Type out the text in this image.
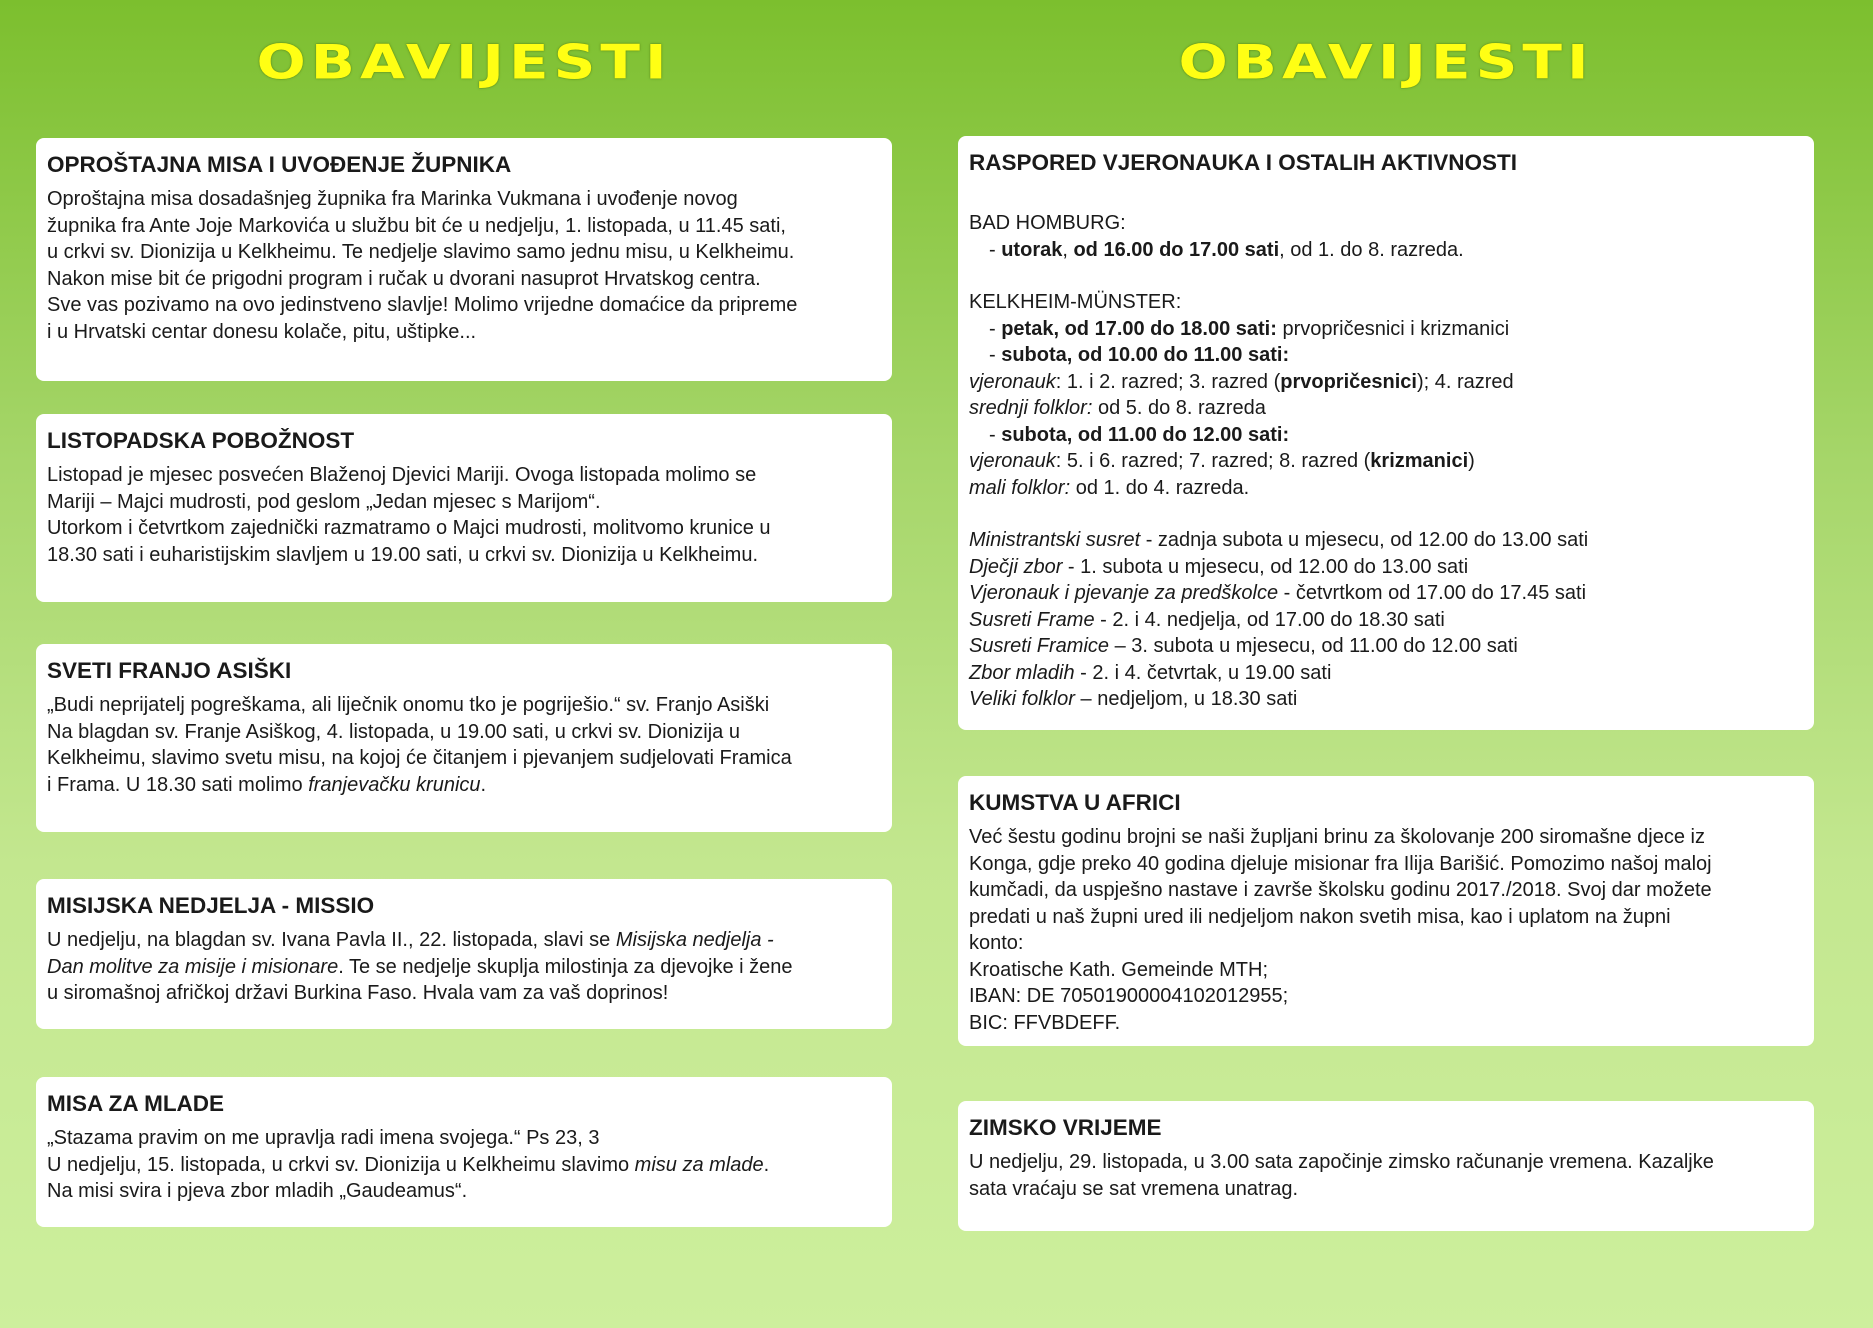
OBAVIJESTI	OBAVIJESTI
OPROŠTAJNA MISA I UVOĐENJE ŽUPNIKA

Oproštajna misa dosadašnjeg župnika fra Marinka Vukmana i uvođenje novog

župnika fra Ante Joje Markovića u službu bit će u nedjelju, 1. listopada, u 11.45 sati,

u crkvi sv. Dionizija u Kelkheimu. Te nedjelje slavimo samo jednu misu, u Kelkheimu.

Nakon mise bit će prigodni program i ručak u dvorani nasuprot Hrvatskog centra.

Sve vas pozivamo na ovo jedinstveno slavlje! Molimo vrijedne domaćice da pripreme

i u Hrvatski centar donesu kolače, pitu, uštipke...

LISTOPADSKA POBOŽNOST

Listopad je mjesec posvećen Blaženoj Djevici Mariji. Ovoga listopada molimo se

Mariji – Majci mudrosti, pod geslom „Jedan mjesec s Marijom“.

Utorkom i četvrtkom zajednički razmatramo o Majci mudrosti, molitvomo krunice u

18.30 sati i euharistijskim slavljem u 19.00 sati, u crkvi sv. Dionizija u Kelkheimu.

SVETI FRANJO ASIŠKI

„Budi neprijatelj pogreškama, ali liječnik onomu tko je pogriješio.“ sv. Franjo Asiški

Na blagdan sv. Franje Asiškog, 4. listopada, u 19.00 sati, u crkvi sv. Dionizija u

Kelkheimu, slavimo svetu misu, na kojoj će čitanjem i pjevanjem sudjelovati Framica

i Frama. U 18.30 sati molimo franjevačku krunicu.

MISIJSKA NEDJELJA - MISSIO

U nedjelju, na blagdan sv. Ivana Pavla II., 22. listopada, slavi se Misijska nedjelja -

Dan molitve za misije i misionare. Te se nedjelje skuplja milostinja za djevojke i žene

u siromašnoj afričkoj državi Burkina Faso. Hvala vam za vaš doprinos!

MISA ZA MLADE

„Stazama pravim on me upravlja radi imena svojega.“ Ps 23, 3

U nedjelju, 15. listopada, u crkvi sv. Dionizija u Kelkheimu slavimo misu za mlade.

Na misi svira i pjeva zbor mladih „Gaudeamus“.

RASPORED VJERONAUKA I OSTALIH AKTIVNOSTI

BAD HOMBURG:

- utorak, od 16.00 do 17.00 sati, od 1. do 8. razreda.

KELKHEIM-MÜNSTER:

- petak, od 17.00 do 18.00 sati: prvopričesnici i krizmanici

- subota, od 10.00 do 11.00 sati:

vjeronauk: 1. i 2. razred; 3. razred (prvopričesnici); 4. razred

srednji folklor: od 5. do 8. razreda

- subota, od 11.00 do 12.00 sati:

vjeronauk: 5. i 6. razred; 7. razred; 8. razred (krizmanici)

mali folklor: od 1. do 4. razreda.

Ministrantski susret - zadnja subota u mjesecu, od 12.00 do 13.00 sati

Dječji zbor - 1. subota u mjesecu, od 12.00 do 13.00 sati

Vjeronauk i pjevanje za predškolce - četvrtkom od 17.00 do 17.45 sati

Susreti Frame - 2. i 4. nedjelja, od 17.00 do 18.30 sati

Susreti Framice – 3. subota u mjesecu, od 11.00 do 12.00 sati

Zbor mladih - 2. i 4. četvrtak, u 19.00 sati

Veliki folklor – nedjeljom, u 18.30 sati

KUMSTVA U AFRICI

Već šestu godinu brojni se naši župljani brinu za školovanje 200 siromašne djece iz

Konga, gdje preko 40 godina djeluje misionar fra Ilija Barišić. Pomozimo našoj maloj

kumčadi, da uspješno nastave i završe školsku godinu 2017./2018. Svoj dar možete

predati u naš župni ured ili nedjeljom nakon svetih misa, kao i uplatom na župni

konto:

Kroatische Kath. Gemeinde MTH;

IBAN: DE 70501900004102012955;

BIC: FFVBDEFF.

ZIMSKO VRIJEME

U nedjelju, 29. listopada, u 3.00 sata započinje zimsko računanje vremena. Kazaljke

sata vraćaju se sat vremena unatrag.
